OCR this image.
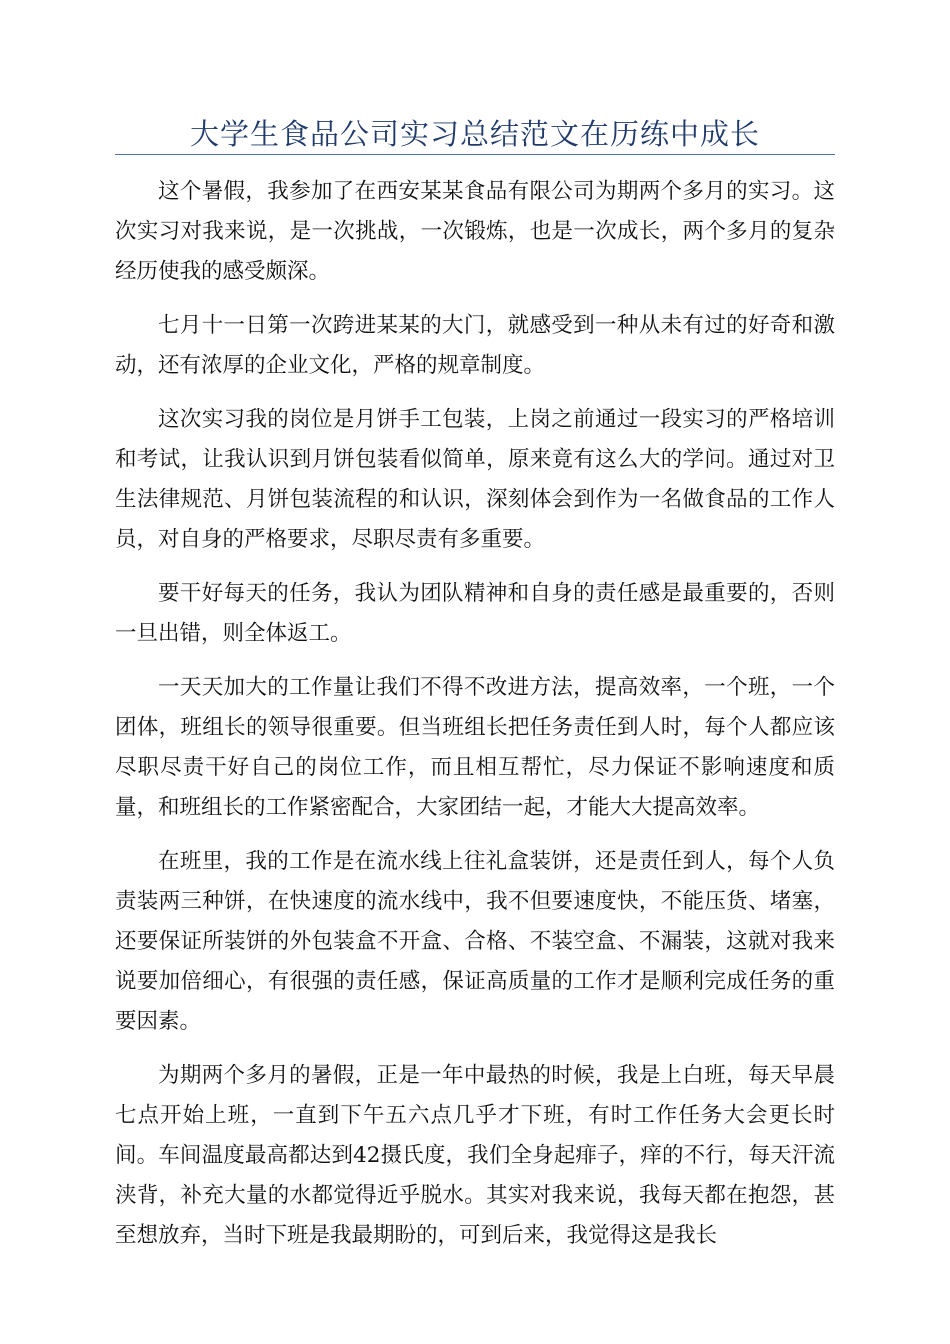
大学生食品公司实习总结范文在历练中成长

这个暑假，我参加了在西安某某食品有限公司为期两个多月的实习。这次实习对我来说，是一次挑战，一次锻炼，也是一次成长，两个多月的复杂经历使我的感受颇深。

七月十一日第一次跨进某某的大门，就感受到一种从未有过的好奇和激动，还有浓厚的企业文化，严格的规章制度。

这次实习我的岗位是月饼手工包装，上岗之前通过一段实习的严格培训和考试，让我认识到月饼包装看似简单，原来竟有这么大的学问。通过对卫生法律规范、月饼包装流程的和认识，深刻体会到作为一名做食品的工作人员，对自身的严格要求，尽职尽责有多重要。

要干好每天的任务，我认为团队精神和自身的责任感是最重要的，否则一旦出错，则全体返工。

一天天加大的工作量让我们不得不改进方法，提高效率，一个班，一个团体，班组长的领导很重要。但当班组长把任务责任到人时，每个人都应该尽职尽责干好自己的岗位工作，而且相互帮忙，尽力保证不影响速度和质量，和班组长的工作紧密配合，大家团结一起，才能大大提高效率。

在班里，我的工作是在流水线上往礼盒装饼，还是责任到人，每个人负责装两三种饼，在快速度的流水线中，我不但要速度快，不能压货、堵塞，还要保证所装饼的外包装盒不开盒、合格、不装空盒、不漏装，这就对我来说要加倍细心，有很强的责任感，保证高质量的工作才是顺利完成任务的重要因素。

为期两个多月的暑假，正是一年中最热的时候，我是上白班，每天早晨七点开始上班，一直到下午五六点几乎才下班，有时工作任务大会更长时间。车间温度最高都达到42摄氏度，我们全身起痱子，痒的不行，每天汗流浃背，补充大量的水都觉得近乎脱水。其实对我来说，我每天都在抱怨，甚至想放弃，当时下班是我最期盼的，可到后来，我觉得这是我长
